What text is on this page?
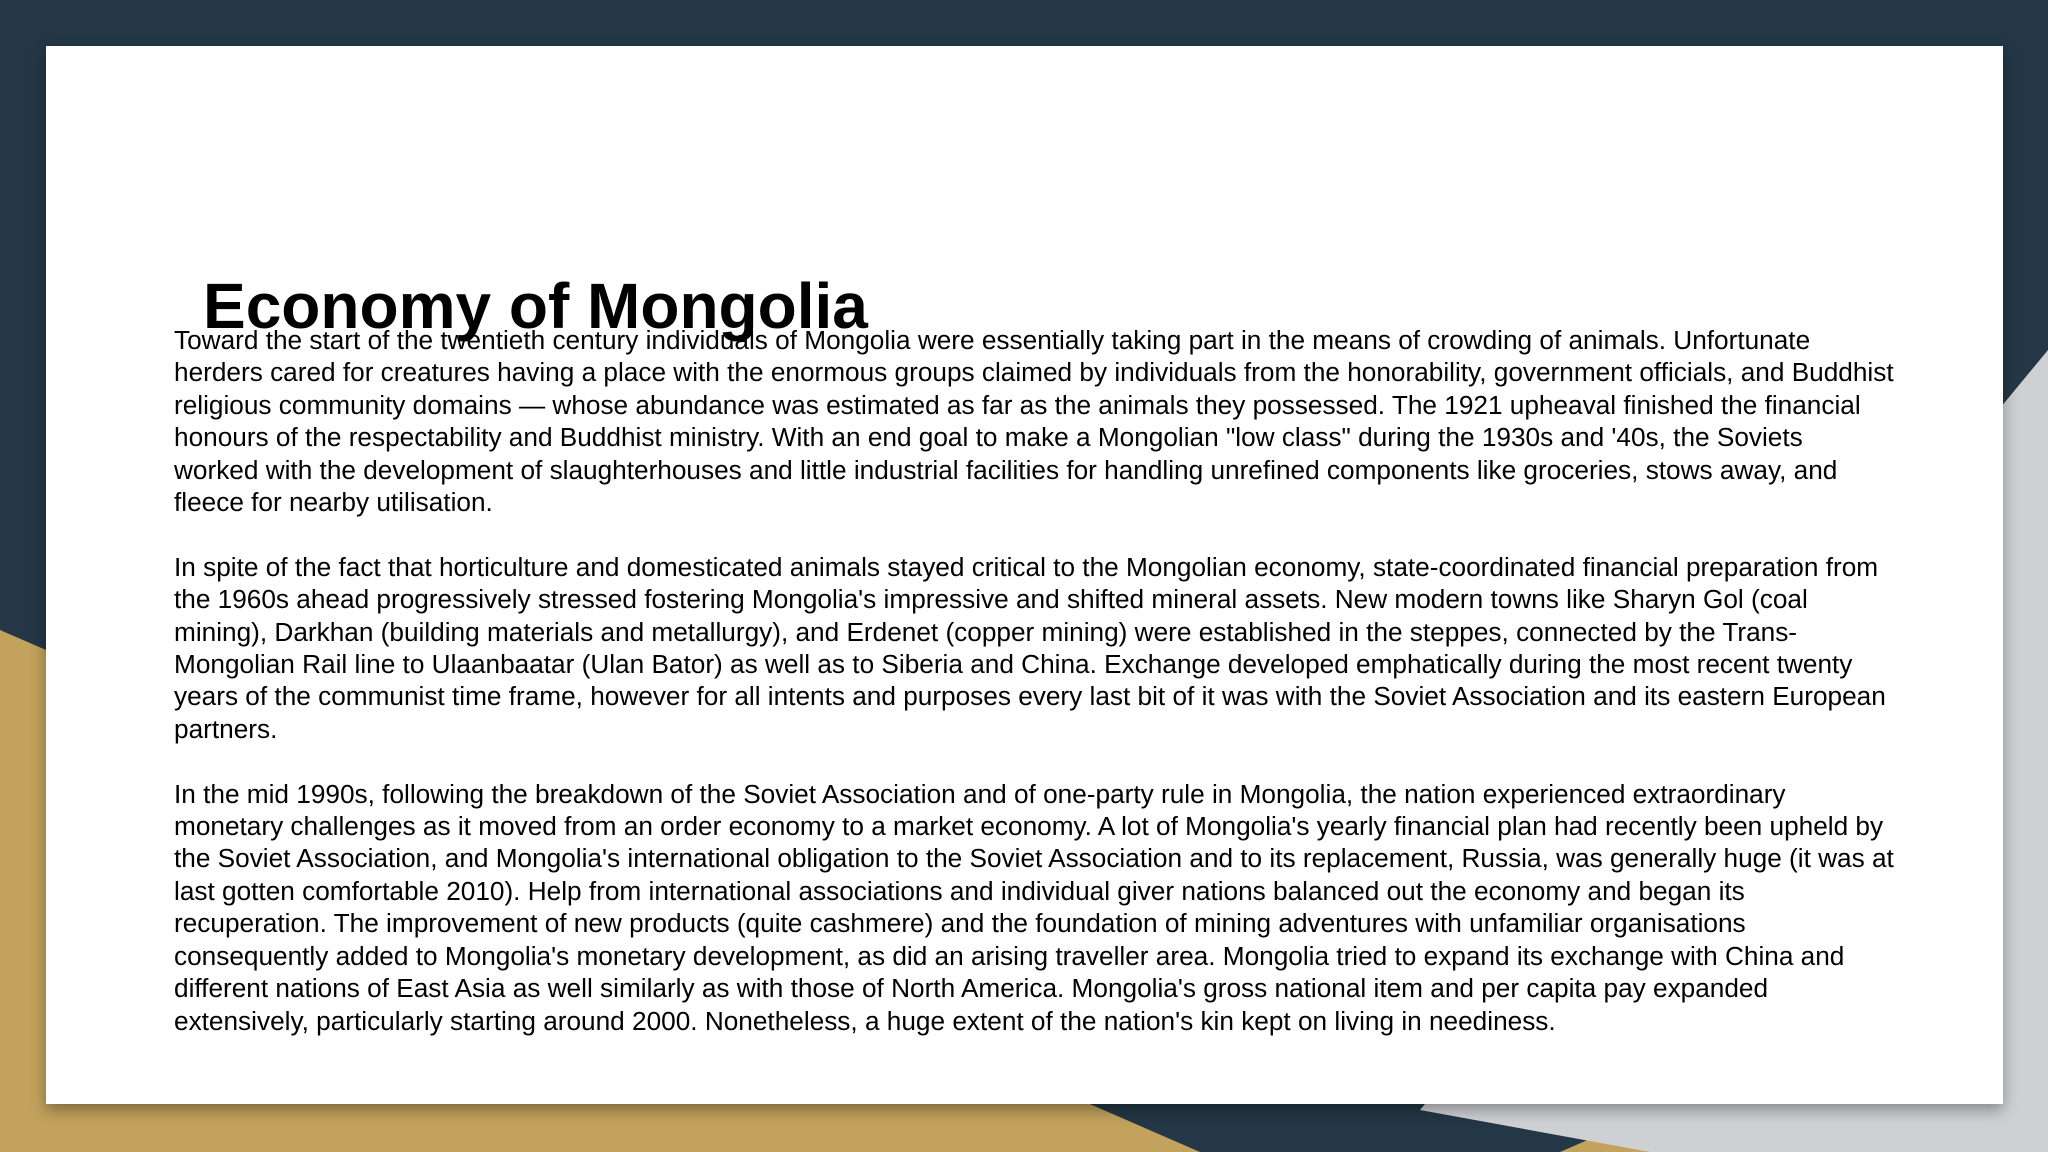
Economy of Mongolia

Toward the start of the twentieth century individuals of Mongolia were essentially taking part in the means of crowding of animals. Unfortunate herders cared for creatures having a place with the enormous groups claimed by individuals from the honorability, government officials, and Buddhist religious community domains — whose abundance was estimated as far as the animals they possessed. The 1921 upheaval finished the financial honours of the respectability and Buddhist ministry. With an end goal to make a Mongolian "low class" during the 1930s and '40s, the Soviets worked with the development of slaughterhouses and little industrial facilities for handling unrefined components like groceries, stows away, and fleece for nearby utilisation.

In spite of the fact that horticulture and domesticated animals stayed critical to the Mongolian economy, state-coordinated financial preparation from the 1960s ahead progressively stressed fostering Mongolia's impressive and shifted mineral assets. New modern towns like Sharyn Gol (coal mining), Darkhan (building materials and metallurgy), and Erdenet (copper mining) were established in the steppes, connected by the Trans-Mongolian Rail line to Ulaanbaatar (Ulan Bator) as well as to Siberia and China. Exchange developed emphatically during the most recent twenty years of the communist time frame, however for all intents and purposes every last bit of it was with the Soviet Association and its eastern European partners.

In the mid 1990s, following the breakdown of the Soviet Association and of one-party rule in Mongolia, the nation experienced extraordinary monetary challenges as it moved from an order economy to a market economy. A lot of Mongolia's yearly financial plan had recently been upheld by the Soviet Association, and Mongolia's international obligation to the Soviet Association and to its replacement, Russia, was generally huge (it was at last gotten comfortable 2010). Help from international associations and individual giver nations balanced out the economy and began its recuperation. The improvement of new products (quite cashmere) and the foundation of mining adventures with unfamiliar organisations consequently added to Mongolia's monetary development, as did an arising traveller area. Mongolia tried to expand its exchange with China and different nations of East Asia as well similarly as with those of North America. Mongolia's gross national item and per capita pay expanded extensively, particularly starting around 2000. Nonetheless, a huge extent of the nation's kin kept on living in neediness.
